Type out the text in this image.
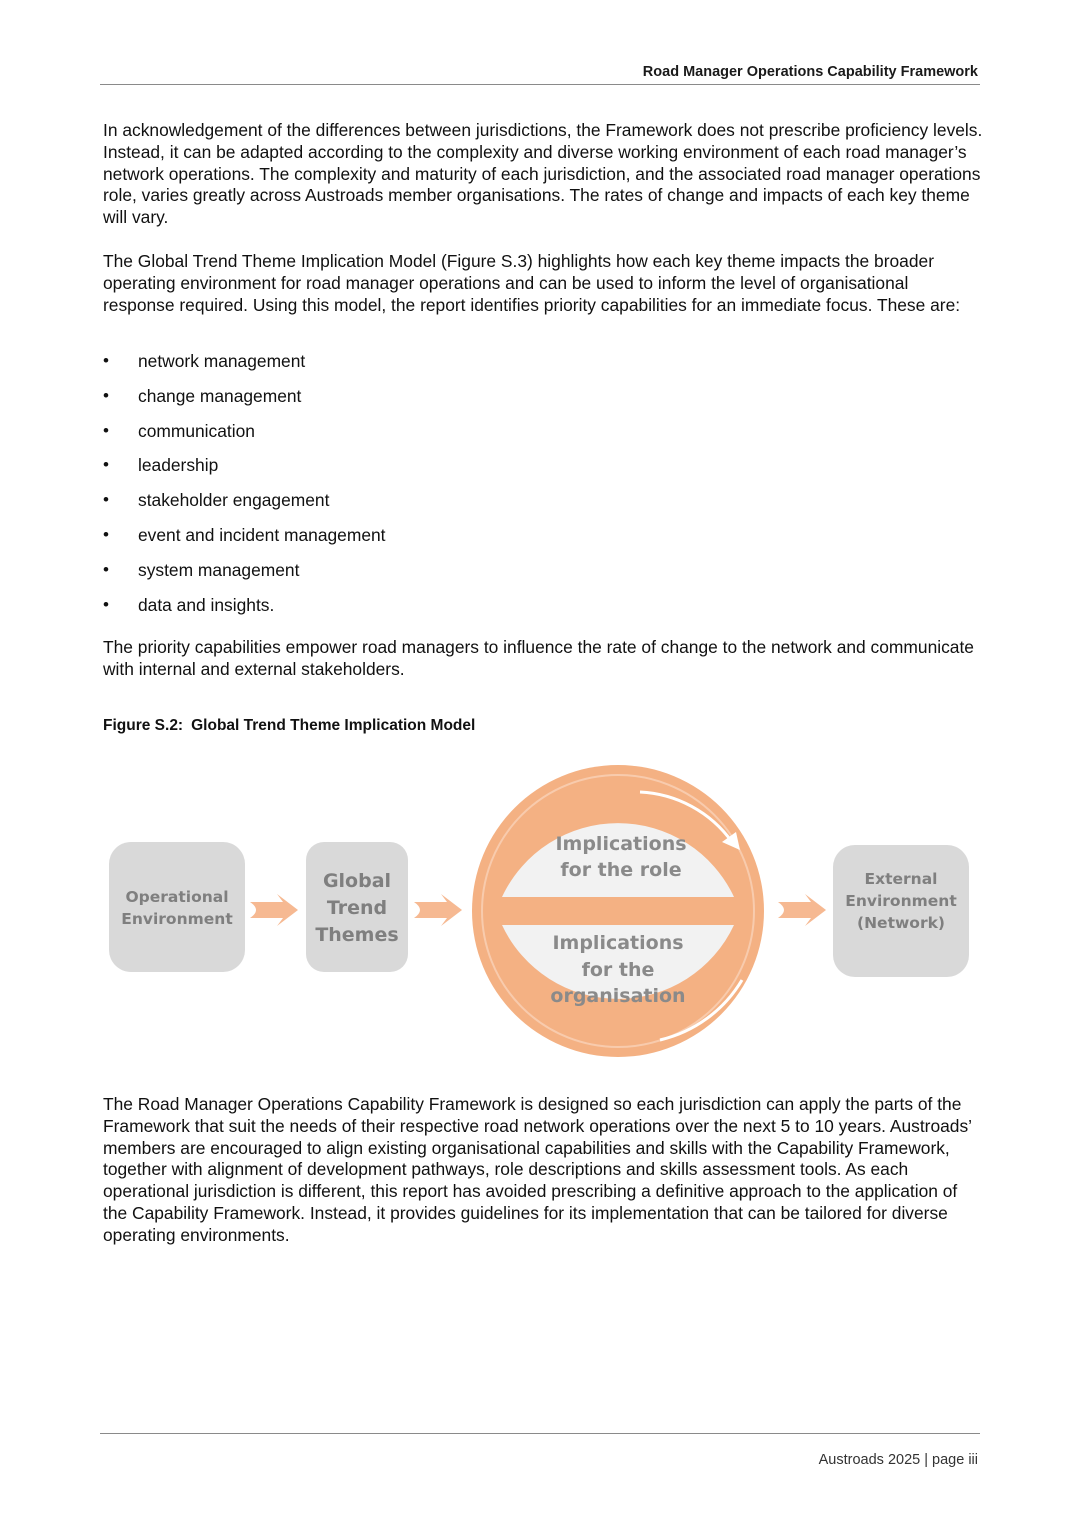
Road Manager Operations Capability Framework

In acknowledgement of the differences between jurisdictions, the Framework does not prescribe proficiency levels. Instead, it can be adapted according to the complexity and diverse working environment of each road manager’s network operations. The complexity and maturity of each jurisdiction, and the associated road manager operations role, varies greatly across Austroads member organisations. The rates of change and impacts of each key theme will vary.

The Global Trend Theme Implication Model (Figure S.3) highlights how each key theme impacts the broader operating environment for road manager operations and can be used to inform the level of organisational response required. Using this model, the report identifies priority capabilities for an immediate focus. These are:

• network management
• change management
• communication
• leadership
• stakeholder engagement
• event and incident management
• system management
• data and insights.

The priority capabilities empower road managers to influence the rate of change to the network and communicate with internal and external stakeholders.

Figure S.2: Global Trend Theme Implication Model
Operational
Environment
Global
Trend
Themes
Implications
for the role
Implications
for the
organisation
External
Environment
(Network)

The Road Manager Operations Capability Framework is designed so each jurisdiction can apply the parts of the Framework that suit the needs of their respective road network operations over the next 5 to 10 years. Austroads’ members are encouraged to align existing organisational capabilities and skills with the Capability Framework, together with alignment of development pathways, role descriptions and skills assessment tools. As each operational jurisdiction is different, this report has avoided prescribing a definitive approach to the application of the Capability Framework. Instead, it provides guidelines for its implementation that can be tailored for diverse operating environments.

Austroads 2025 | page iii
